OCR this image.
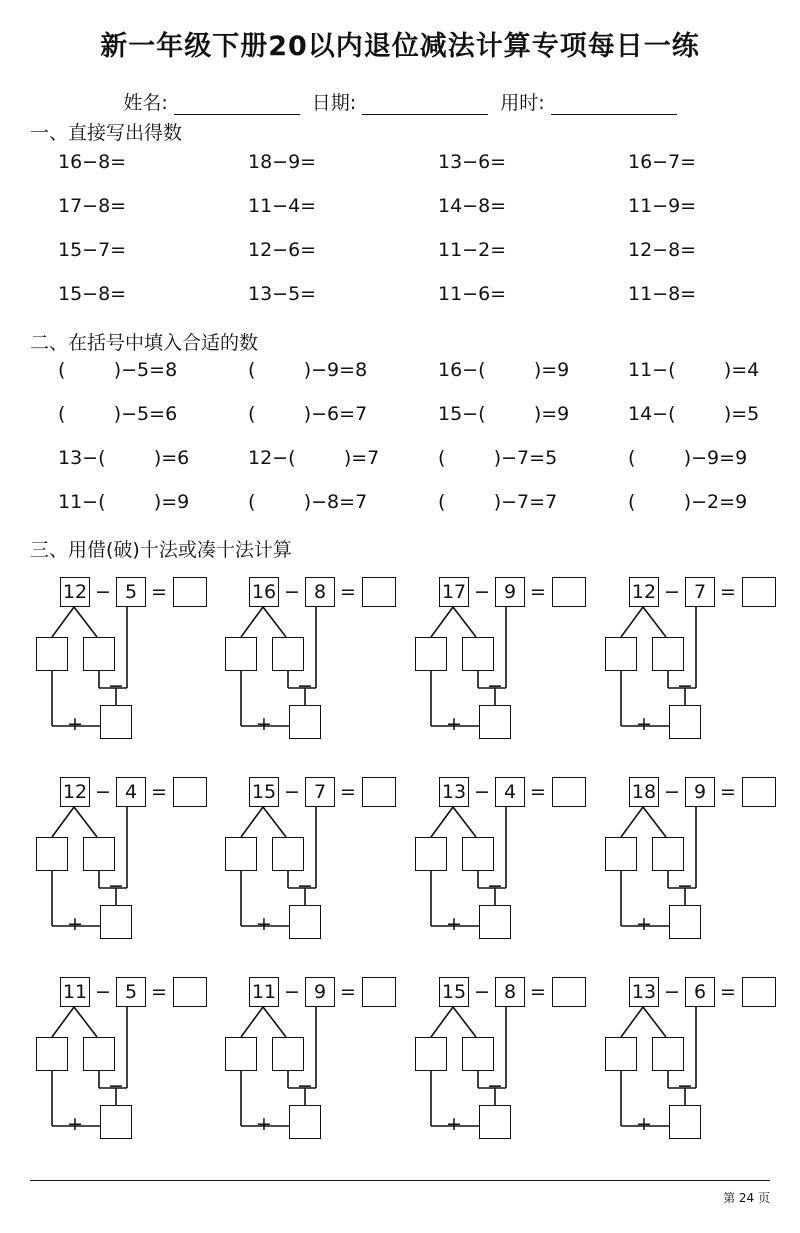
新一年级下册20以内退位减法计算专项每日一练
姓名:	日期:	用时:
一、直接写出得数
16−8=	18−9=	13−6=	16−7=
17−8=	11−4=	14−8=	11−9=
15−7=	12−6=	11−2=	12−8=
15−8=	13−5=	11−6=	11−8=
二、在括号中填入合适的数
(        )−5=8	(        )−9=8	16−(        )=9	11−(        )=4
(        )−5=6	(        )−6=7	15−(        )=9	14−(        )=5
13−(        )=6	12−(        )=7	(        )−7=5	(        )−9=9
11−(        )=9	(        )−8=7	(        )−7=7	(        )−2=9
三、用借(破)十法或凑十法计算
12 − 5 =
−
+
16 − 8 =
−
+
17 − 9 =
−
+
12 − 7 =
−
+
12 − 4 =
−
+
15 − 7 =
−
+
13 − 4 =
−
+
18 − 9 =
−
+
11 − 5 =
−
+
11 − 9 =
−
+
15 − 8 =
−
+
13 − 6 =
−
+
第 24 页
